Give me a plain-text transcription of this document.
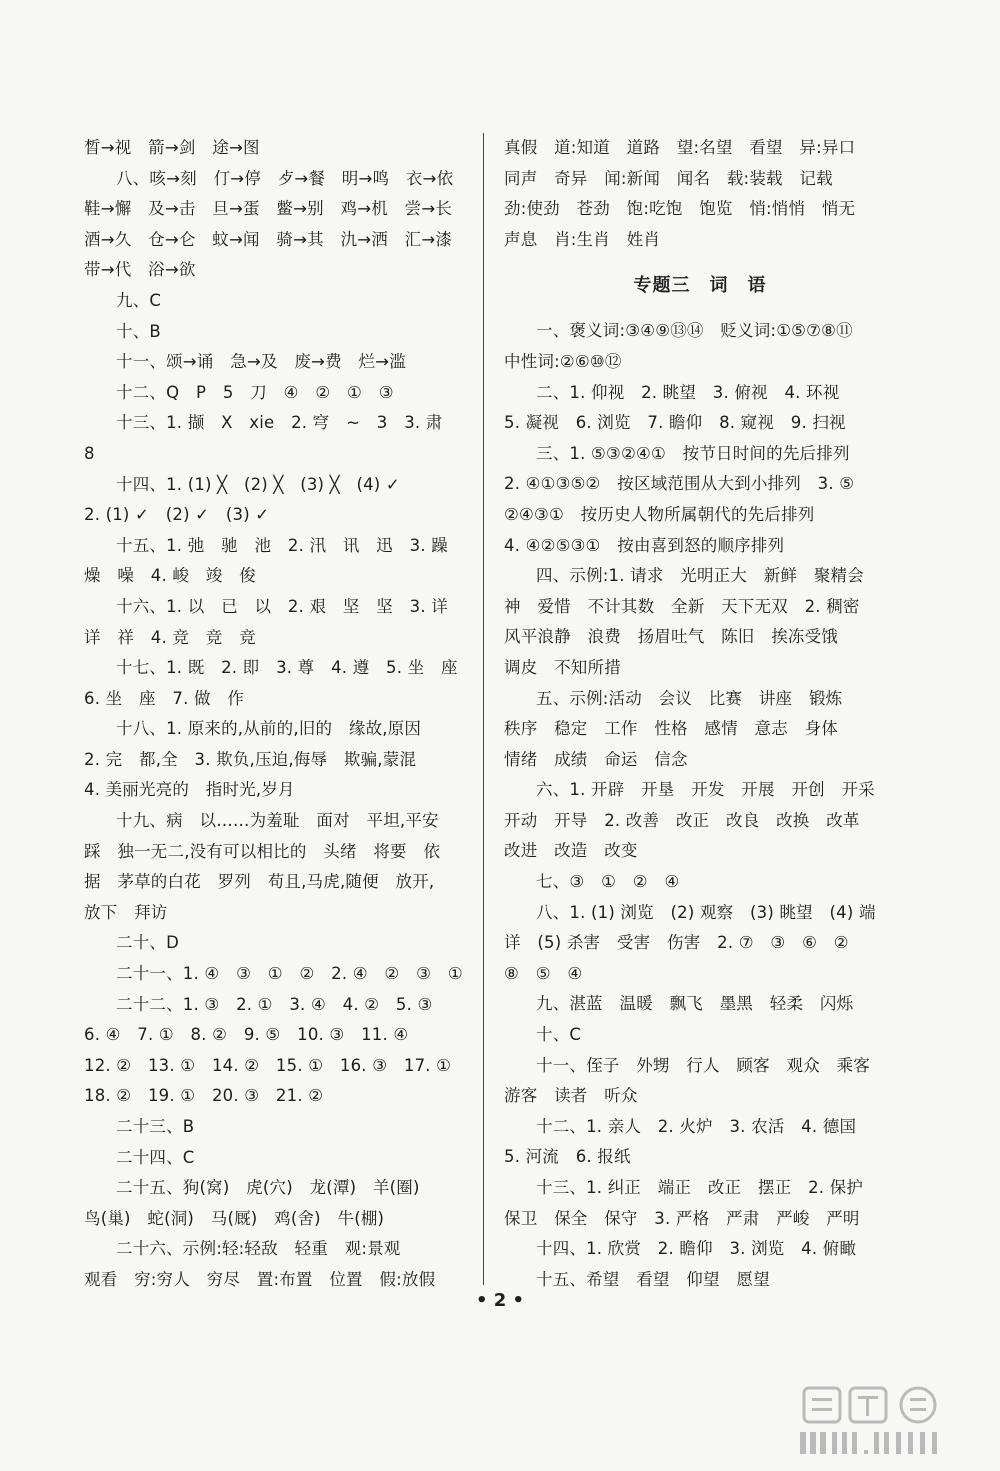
晳→视　箭→剑　途→图
八、咳→刻　仃→停　歺→餐　明→鸣　衣→依
鞋→懈　及→击　旦→蛋　鳖→别　鸡→机　尝→长
酒→久　仓→仑　蚊→闻　骑→其　氿→洒　汇→漆
带→代　浴→欲
九、C
十、B
十一、颂→诵　急→及　废→费　烂→滥
十二、Q　P　5　刀　④　②　①　③
十三、1. 撷　X　xie　2. 穹　~　3　3. 肃
8
十四、1. (1) ╳　(2) ╳　(3) ╳　(4) ✓
2. (1) ✓　(2) ✓　(3) ✓
十五、1. 弛　驰　池　2. 汛　讯　迅　3. 躁
燥　噪　4. 峻　竣　俊
十六、1. 以　已　以　2. 艰　坚　坚　3. 详
详　祥　4. 竞　竞　竞
十七、1. 既　2. 即　3. 尊　4. 遵　5. 坐　座
6. 坐　座　7. 做　作
十八、1. 原来的,从前的,旧的　缘故,原因
2. 完　都,全　3. 欺负,压迫,侮辱　欺骗,蒙混
4. 美丽光亮的　指时光,岁月
十九、病　以……为羞耻　面对　平坦,平安
踩　独一无二,没有可以相比的　头绪　将要　依
据　茅草的白花　罗列　苟且,马虎,随便　放开,
放下　拜访
二十、D
二十一、1. ④　③　①　②　2. ④　②　③　①
二十二、1. ③　2. ①　3. ④　4. ②　5. ③
6. ④　7. ①　8. ②　9. ⑤　10. ③　11. ④
12. ②　13. ①　14. ②　15. ①　16. ③　17. ①
18. ②　19. ①　20. ③　21. ②
二十三、B
二十四、C
二十五、狗(窝)　虎(穴)　龙(潭)　羊(圈)
鸟(巢)　蛇(洞)　马(厩)　鸡(舍)　牛(棚)
二十六、示例:轻:轻敌　轻重　观:景观
观看　穷:穷人　穷尽　置:布置　位置　假:放假
真假　道:知道　道路　望:名望　看望　异:异口
同声　奇异　闻:新闻　闻名　载:装载　记载
劲:使劲　苍劲　饱:吃饱　饱览　悄:悄悄　悄无
声息　肖:生肖　姓肖
专题三　词　语
一、褒义词:③④⑨⑬⑭　贬义词:①⑤⑦⑧⑪
中性词:②⑥⑩⑫
二、1. 仰视　2. 眺望　3. 俯视　4. 环视
5. 凝视　6. 浏览　7. 瞻仰　8. 窥视　9. 扫视
三、1. ⑤③②④①　按节日时间的先后排列
2. ④①③⑤②　按区域范围从大到小排列　3. ⑤
②④③①　按历史人物所属朝代的先后排列
4. ④②⑤③①　按由喜到怒的顺序排列
四、示例:1. 请求　光明正大　新鲜　聚精会
神　爱惜　不计其数　全新　天下无双　2. 稠密
风平浪静　浪费　扬眉吐气　陈旧　挨冻受饿
调皮　不知所措
五、示例:活动　会议　比赛　讲座　锻炼
秩序　稳定　工作　性格　感情　意志　身体
情绪　成绩　命运　信念
六、1. 开辟　开垦　开发　开展　开创　开采
开动　开导　2. 改善　改正　改良　改换　改革
改进　改造　改变
七、③　①　②　④
八、1. (1) 浏览　(2) 观察　(3) 眺望　(4) 端
详　(5) 杀害　受害　伤害　2. ⑦　③　⑥　②
⑧　⑤　④
九、湛蓝　温暖　飘飞　墨黑　轻柔　闪烁
十、C
十一、侄子　外甥　行人　顾客　观众　乘客
游客　读者　听众
十二、1. 亲人　2. 火炉　3. 农活　4. 德国
5. 河流　6. 报纸
十三、1. 纠正　端正　改正　摆正　2. 保护
保卫　保全　保守　3. 严格　严肃　严峻　严明
十四、1. 欣赏　2. 瞻仰　3. 浏览　4. 俯瞰
十五、希望　看望　仰望　愿望
• 2 •
